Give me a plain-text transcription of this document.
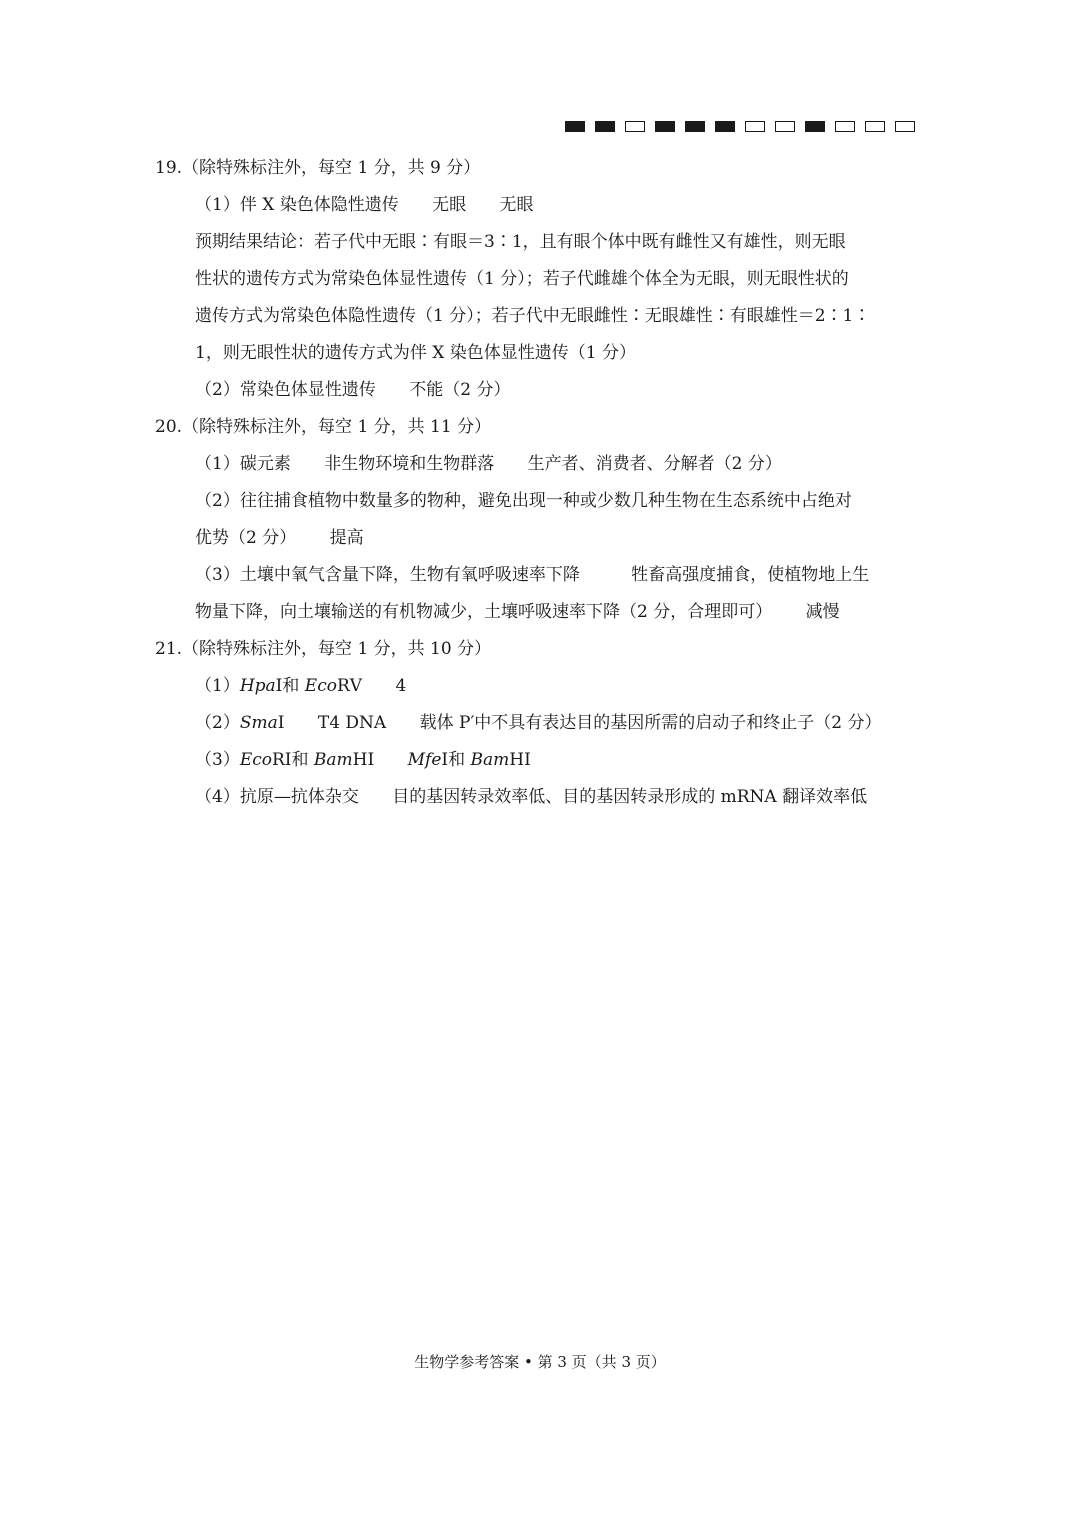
19.（除特殊标注外，每空 1 分，共 9 分）
（1）伴 X 染色体隐性遗传 无眼 无眼
预期结果结论：若子代中无眼∶有眼＝3∶1，且有眼个体中既有雌性又有雄性，则无眼
性状的遗传方式为常染色体显性遗传（1 分）；若子代雌雄个体全为无眼，则无眼性状的
遗传方式为常染色体隐性遗传（1 分）；若子代中无眼雌性∶无眼雄性∶有眼雄性＝2∶1∶
1，则无眼性状的遗传方式为伴 X 染色体显性遗传（1 分）
（2）常染色体显性遗传 不能（2 分）
20.（除特殊标注外，每空 1 分，共 11 分）
（1）碳元素 非生物环境和生物群落 生产者、消费者、分解者（2 分）
（2）往往捕食植物中数量多的物种，避免出现一种或少数几种生物在生态系统中占绝对
优势（2 分） 提高
（3）土壤中氧气含量下降，生物有氧呼吸速率下降	牲畜高强度捕食，使植物地上生
物量下降，向土壤输送的有机物减少，土壤呼吸速率下降（2 分，合理即可） 减慢
21.（除特殊标注外，每空 1 分，共 10 分）
（1）HpaⅠ和 EcoRⅤ 4
（2）SmaⅠ T4 DNA 载体 P′中不具有表达目的基因所需的启动子和终止子（2 分）
（3）EcoRⅠ和 BamHⅠ MfeⅠ和 BamHⅠ
（4）抗原—抗体杂交 目的基因转录效率低、目的基因转录形成的 mRNA 翻译效率低
生物学参考答案 • 第 3 页（共 3 页）
